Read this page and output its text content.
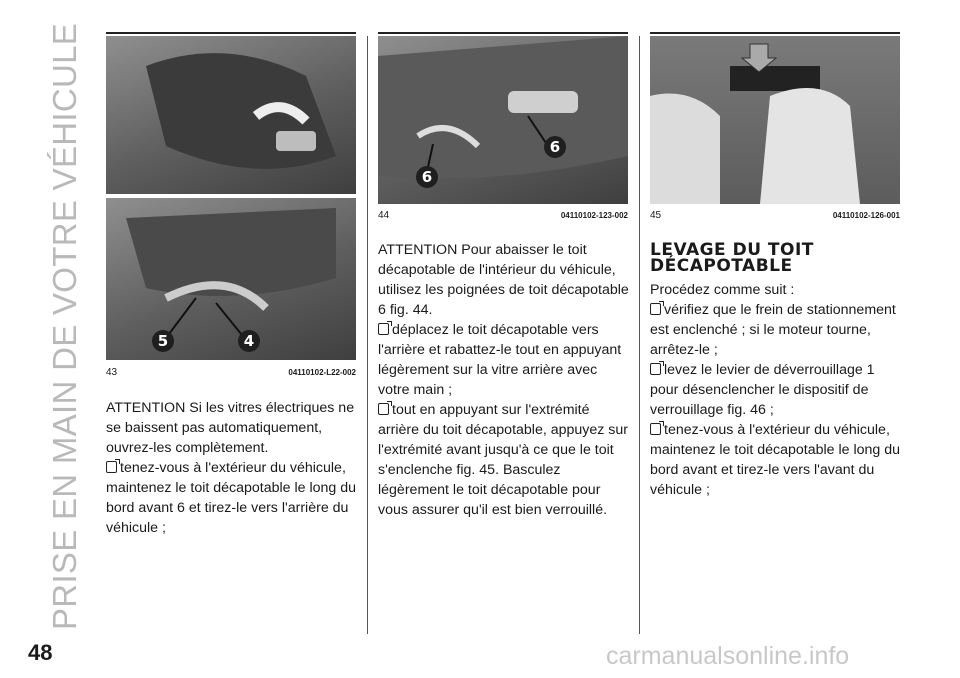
PRISE EN MAIN DE VOTRE VÉHICULE	5	4
43	04110102-L22-002
6
6
44	04110102-123-002 45	04110102-126-001

ATTENTION Si les vitres électriques ne se baissent pas automatiquement, ouvrez-les complètement.

tenez-vous à l'extérieur du véhicule, maintenez le toit décapotable le long du bord avant 6 et tirez-le vers l'arrière du véhicule ;

ATTENTION Pour abaisser le toit décapotable de l'intérieur du véhicule, utilisez les poignées de toit décapotable 6 fig. 44.

déplacez le toit décapotable vers l'arrière et rabattez-le tout en appuyant légèrement sur la vitre arrière avec votre main ;

tout en appuyant sur l'extrémité arrière du toit décapotable, appuyez sur l'extrémité avant jusqu'à ce que le toit s'enclenche fig. 45. Basculez légèrement le toit décapotable pour vous assurer qu'il est bien verrouillé.

LEVAGE DU TOIT
DÉCAPOTABLE

Procédez comme suit :

vérifiez que le frein de stationnement est enclenché ; si le moteur tourne, arrêtez-le ;

levez le levier de déverrouillage 1 pour désenclencher le dispositif de verrouillage fig. 46 ;

tenez-vous à l'extérieur du véhicule, maintenez le toit décapotable le long du bord avant et tirez-le vers l'avant du véhicule ;

48	carmanualsonline.info
